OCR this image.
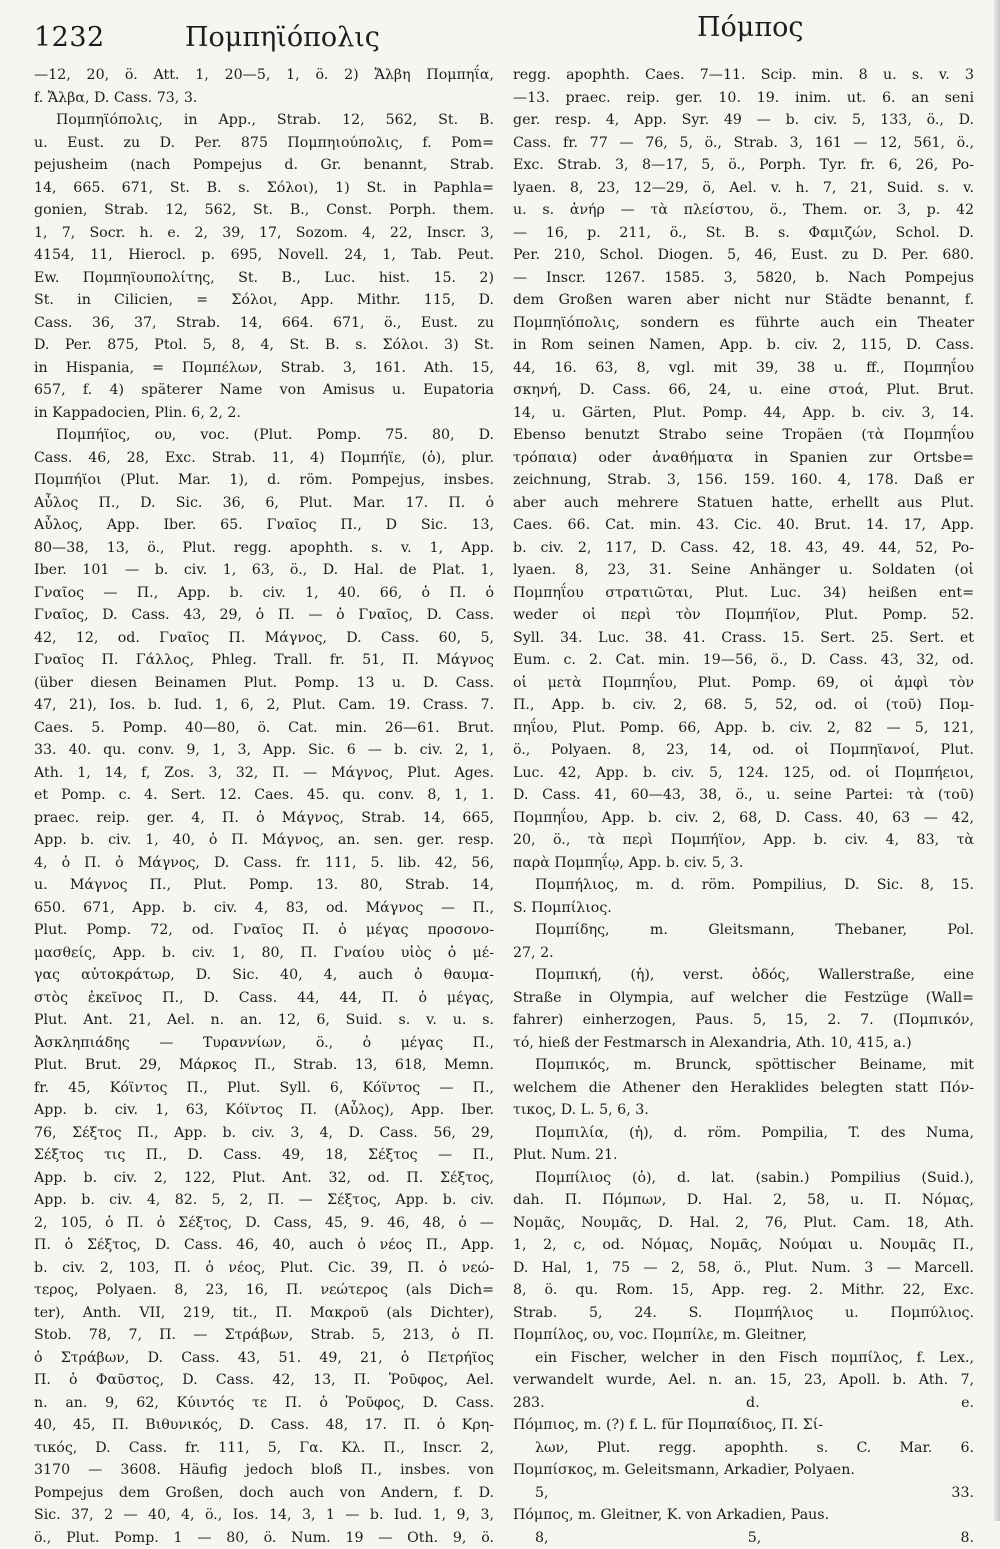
1232	Πομπηϊόπολις	Πόμπος
—12, 20, ö. Att. 1, 20—5, 1, ö. 2) Ἄλβη Πομπηΐα,
f. Ἄλβα, D. Cass. 73, 3.
Πομπηϊόπολις, in App., Strab. 12, 562, St. B.
u. Eust. zu D. Per. 875 Πομπηιούπολις, f. Pom=
pejusheim (nach Pompejus d. Gr. benannt, Strab.
14, 665. 671, St. B. s. Σόλοι), 1) St. in Paphla=
gonien, Strab. 12, 562, St. B., Const. Porph. them.
1, 7, Socr. h. e. 2, 39, 17, Sozom. 4, 22, Inscr. 3,
4154, 11, Hierocl. p. 695, Novell. 24, 1, Tab. Peut.
Ew. Πομπηϊουπολίτης, St. B., Luc. hist. 15. 2)
St. in Cilicien, = Σόλοι, App. Mithr. 115, D.
Cass. 36, 37, Strab. 14, 664. 671, ö., Eust. zu
D. Per. 875, Ptol. 5, 8, 4, St. B. s. Σόλοι. 3) St.
in Hispania, = Πομπέλων, Strab. 3, 161. Ath. 15,
657, f. 4) späterer Name von Amisus u. Eupatoria
in Kappadocien, Plin. 6, 2, 2.
Πομπήϊος, ου, voc. (Plut. Pomp. 75. 80, D.
Cass. 46, 28, Exc. Strab. 11, 4) Πομπήϊε, (ὁ), plur.
Πομπήϊοι (Plut. Mar. 1), d. röm. Pompejus, insbes.
Αὖλος Π., D. Sic. 36, 6, Plut. Mar. 17. Π. ὁ
Αὖλος, App. Iber. 65. Γναῖος Π., D Sic. 13,
80—38, 13, ö., Plut. regg. apophth. s. v. 1, App.
Iber. 101 — b. civ. 1, 63, ö., D. Hal. de Plat. 1,
Γναῖος — Π., App. b. civ. 1, 40. 66, ὁ Π. ὁ
Γναῖος, D. Cass. 43, 29, ὁ Π. — ὁ Γναῖος, D. Cass.
42, 12, od. Γναῖος Π. Μάγνος, D. Cass. 60, 5,
Γναῖος Π. Γάλλος, Phleg. Trall. fr. 51, Π. Μάγνος
(über diesen Beinamen Plut. Pomp. 13 u. D. Cass.
47, 21), Ios. b. Iud. 1, 6, 2, Plut. Cam. 19. Crass. 7.
Caes. 5. Pomp. 40—80, ö. Cat. min. 26—61. Brut.
33. 40. qu. conv. 9, 1, 3, App. Sic. 6 — b. civ. 2, 1,
Ath. 1, 14, f, Zos. 3, 32, Π. — Μάγνος, Plut. Ages.
et Pomp. c. 4. Sert. 12. Caes. 45. qu. conv. 8, 1, 1.
praec. reip. ger. 4, Π. ὁ Μάγνος, Strab. 14, 665,
App. b. civ. 1, 40, ὁ Π. Μάγνος, an. sen. ger. resp.
4, ὁ Π. ὁ Μάγνος, D. Cass. fr. 111, 5. lib. 42, 56,
u. Μάγνος Π., Plut. Pomp. 13. 80, Strab. 14,
650. 671, App. b. civ. 4, 83, od. Μάγνος — Π.,
Plut. Pomp. 72, od. Γναῖος Π. ὁ μέγας προσονο-
μασθείς, App. b. civ. 1, 80, Π. Γναίου υἱὸς ὁ μέ-
γας αὐτοκράτωρ, D. Sic. 40, 4, auch ὁ θαυμα-
στὸς ἐκεῖνος Π., D. Cass. 44, 44, Π. ὁ μέγας,
Plut. Ant. 21, Ael. n. an. 12, 6, Suid. s. v. u. s.
Ἀσκληπιάδης — Τυραννίων, ö., ὁ μέγας Π.,
Plut. Brut. 29, Μάρκος Π., Strab. 13, 618, Memn.
fr. 45, Κόϊντος Π., Plut. Syll. 6, Κόϊντος — Π.,
App. b. civ. 1, 63, Κόϊντος Π. (Αὖλος), App. Iber.
76, Σέξτος Π., App. b. civ. 3, 4, D. Cass. 56, 29,
Σέξτος τις Π., D. Cass. 49, 18, Σέξτος — Π.,
App. b. civ. 2, 122, Plut. Ant. 32, od. Π. Σέξτος,
App. b. civ. 4, 82. 5, 2, Π. — Σέξτος, App. b. civ.
2, 105, ὁ Π. ὁ Σέξτος, D. Cass, 45, 9. 46, 48, ὁ —
Π. ὁ Σέξτος, D. Cass. 46, 40, auch ὁ νέος Π., App.
b. civ. 2, 103, Π. ὁ νέος, Plut. Cic. 39, Π. ὁ νεώ-
τερος, Polyaen. 8, 23, 16, Π. νεώτερος (als Dich=
ter), Anth. VII, 219, tit., Π. Μακροῦ (als Dichter),
Stob. 78, 7, Π. — Στράβων, Strab. 5, 213, ὁ Π.
ὁ Στράβων, D. Cass. 43, 51. 49, 21, ὁ Πετρήϊος
Π. ὁ Φαῦστος, D. Cass. 42, 13, Π. Ῥοῦφος, Ael.
n. an. 9, 62, Κύιντός τε Π. ὁ Ῥοῦφος, D. Cass.
40, 45, Π. Βιθυνικός, D. Cass. 48, 17. Π. ὁ Κρη-
τικός, D. Cass. fr. 111, 5, Γα. Κλ. Π., Inscr. 2,
3170 — 3608. Häufig jedoch bloß Π., insbes. von
Pompejus dem Großen, doch auch von Andern, f. D.
Sic. 37, 2 — 40, 4, ö., Ios. 14, 3, 1 — b. Iud. 1, 9, 3,
ö., Plut. Pomp. 1 — 80, ö. Num. 19 — Oth. 9, ö.
regg. apophth. Caes. 7—11. Scip. min. 8 u. s. v. 3
—13. praec. reip. ger. 10. 19. inim. ut. 6. an seni
ger. resp. 4, App. Syr. 49 — b. civ. 5, 133, ö., D.
Cass. fr. 77 — 76, 5, ö., Strab. 3, 161 — 12, 561, ö.,
Exc. Strab. 3, 8—17, 5, ö., Porph. Tyr. fr. 6, 26, Po-
lyaen. 8, 23, 12—29, ö, Ael. v. h. 7, 21, Suid. s. v.
u. s. ἀνήρ — τὰ πλείστου, ö., Them. or. 3, p. 42
— 16, p. 211, ö., St. B. s. Φαμιζών, Schol. D.
Per. 210, Schol. Diogen. 5, 46, Eust. zu D. Per. 680.
— Inscr. 1267. 1585. 3, 5820, b. Nach Pompejus
dem Großen waren aber nicht nur Städte benannt, f.
Πομπηϊόπολις, sondern es führte auch ein Theater
in Rom seinen Namen, App. b. civ. 2, 115, D. Cass.
44, 16. 63, 8, vgl. mit 39, 38 u. ff., Πομπηΐου
σκηνή, D. Cass. 66, 24, u. eine στοά, Plut. Brut.
14, u. Gärten, Plut. Pomp. 44, App. b. civ. 3, 14.
Ebenso benutzt Strabo seine Tropäen (τὰ Πομπηΐου
τρόπαια) oder ἀναθήματα in Spanien zur Ortsbe=
zeichnung, Strab. 3, 156. 159. 160. 4, 178. Daß er
aber auch mehrere Statuen hatte, erhellt aus Plut.
Caes. 66. Cat. min. 43. Cic. 40. Brut. 14. 17, App.
b. civ. 2, 117, D. Cass. 42, 18. 43, 49. 44, 52, Po-
lyaen. 8, 23, 31. Seine Anhänger u. Soldaten (οἱ
Πομπηΐου στρατιῶται, Plut. Luc. 34) heißen ent=
weder οἱ περὶ τὸν Πομπήϊον, Plut. Pomp. 52.
Syll. 34. Luc. 38. 41. Crass. 15. Sert. 25. Sert. et
Eum. c. 2. Cat. min. 19—56, ö., D. Cass. 43, 32, od.
οἱ μετὰ Πομπηΐου, Plut. Pomp. 69, οἱ ἀμφὶ τὸν
Π., App. b. civ. 2, 68. 5, 52, od. οἱ (τοῦ) Πομ-
πηΐου, Plut. Pomp. 66, App. b. civ. 2, 82 — 5, 121,
ö., Polyaen. 8, 23, 14, od. οἱ Πομπηϊανοί, Plut.
Luc. 42, App. b. civ. 5, 124. 125, od. οἱ Πομπήειοι,
D. Cass. 41, 60—43, 38, ö., u. seine Partei: τὰ (τοῦ)
Πομπηΐου, App. b. civ. 2, 68, D. Cass. 40, 63 — 42,
20, ö., τὰ περὶ Πομπήϊον, App. b. civ. 4, 83, τὰ
παρὰ Πομπηΐῳ, App. b. civ. 5, 3.
Πομπήλιος, m. d. röm. Pompilius, D. Sic. 8, 15.
S. Πομπίλιος.
Πομπίδης, m. Gleitsmann, Thebaner, Pol.
27, 2.
Πομπική, (ἡ), verst. ὁδός, Wallerstraße, eine
Straße in Olympia, auf welcher die Festzüge (Wall=
fahrer) einherzogen, Paus. 5, 15, 2. 7. (Πομπικόν,
τό, hieß der Festmarsch in Alexandria, Ath. 10, 415, a.)
Πομπικός, m. Brunck, spöttischer Beiname, mit
welchem die Athener den Heraklides belegten statt Πόν-
τικος, D. L. 5, 6, 3.
Πομπιλία, (ἡ), d. röm. Pompilia, T. des Numa,
Plut. Num. 21.
Πομπίλιος (ὁ), d. lat. (sabin.) Pompilius (Suid.),
dah. Π. Πόμπων, D. Hal. 2, 58, u. Π. Νόμας,
Νομᾶς, Νουμᾶς, D. Hal. 2, 76, Plut. Cam. 18, Ath.
1, 2, c, od. Νόμας, Νομᾶς, Νούμαι u. Νουμᾶς Π.,
D. Hal, 1, 75 — 2, 58, ö., Plut. Num. 3 — Marcell.
8, ö. qu. Rom. 15, App. reg. 2. Mithr. 22, Exc.
Strab. 5, 24. S. Πομπήλιος u. Πομπύλιος.
Πομπίλος, ου, voc. Πομπίλε, m. Gleitner,
ein Fischer, welcher in den Fisch πομπίλος, f. Lex.,
verwandelt wurde, Ael. n. an. 15, 23, Apoll. b. Ath. 7,
283. d. e.
Πόμπιος, m. (?) f. L. für Πομπαίδιος, Π. Σί-
λων, Plut. regg. apophth. s. C. Mar. 6.
Πομπίσκος, m. Geleitsmann, Arkadier, Polyaen.
5, 33.
Πόμπος, m. Gleitner, K. von Arkadien, Paus.
8, 5, 8.
